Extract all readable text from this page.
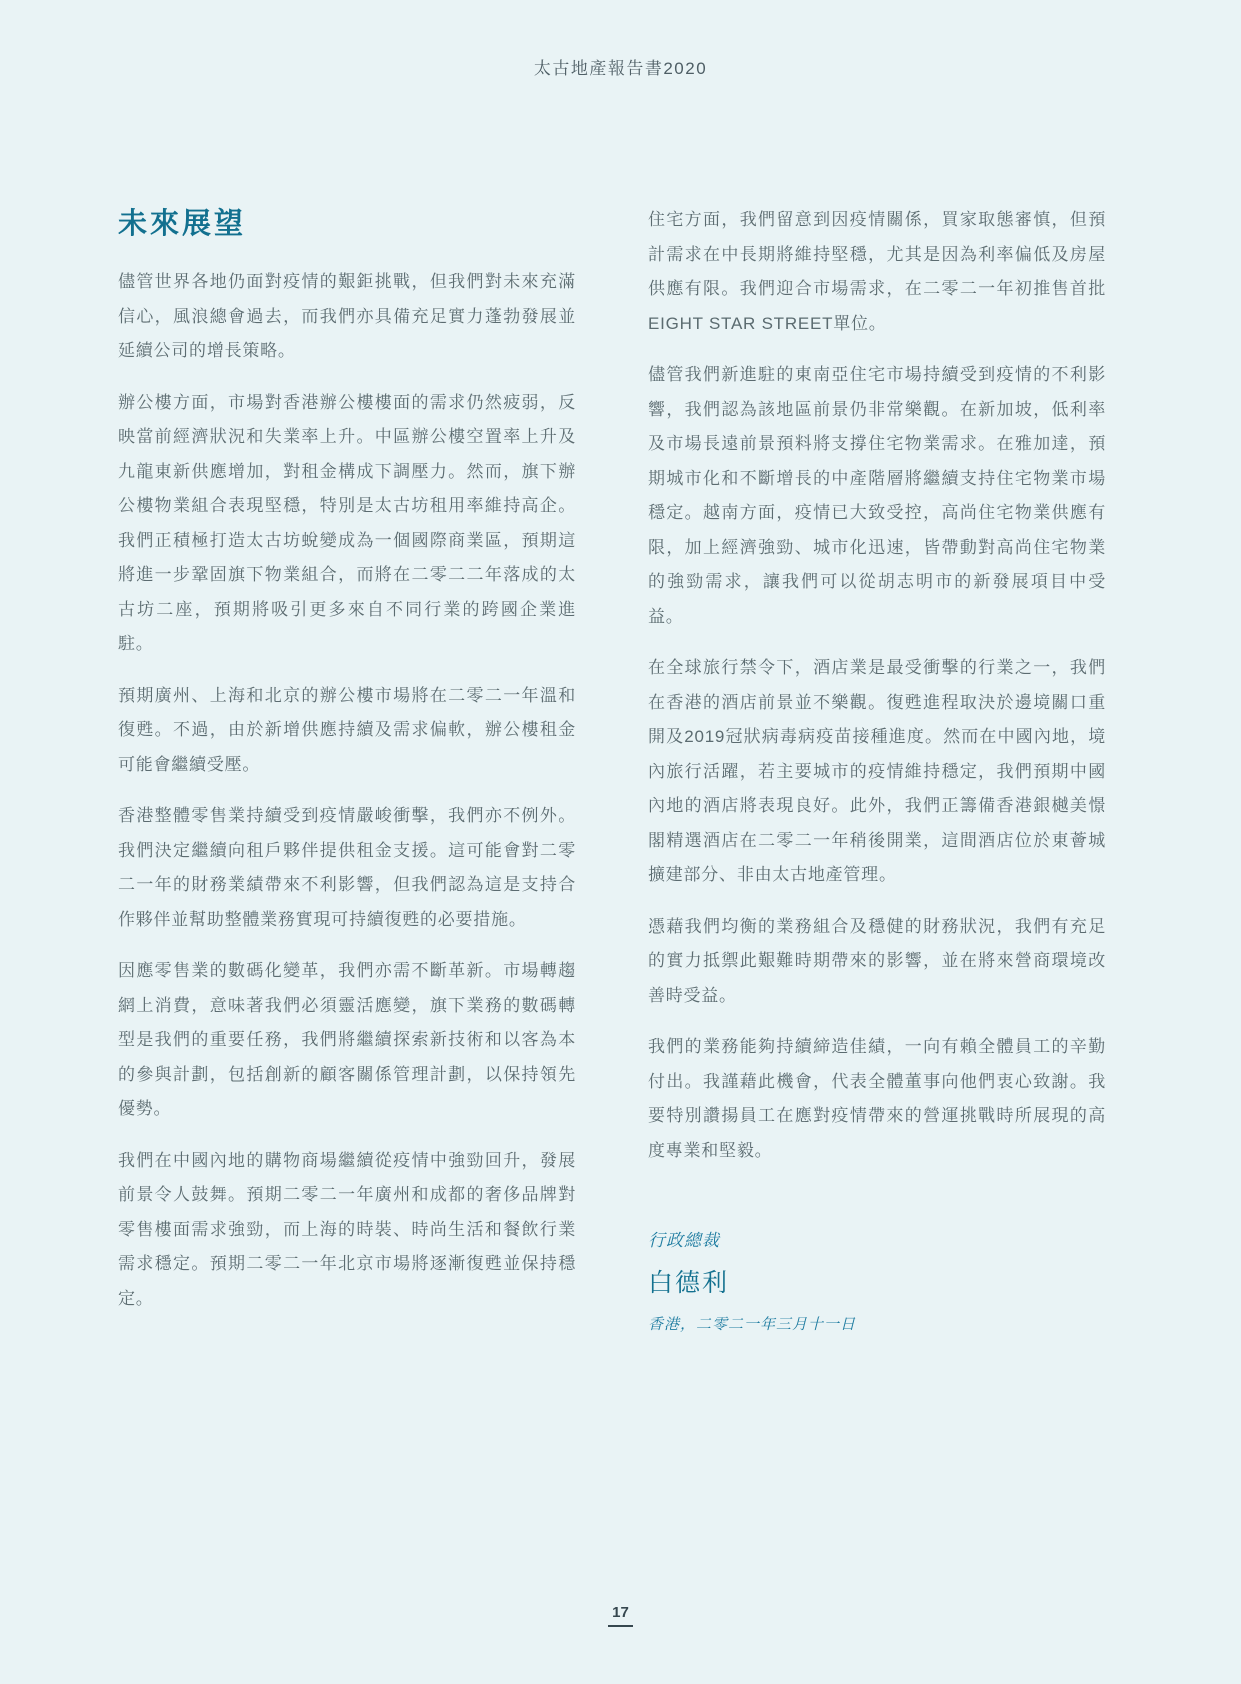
太古地產報告書2020
未來展望

儘管世界各地仍面對疫情的艱鉅挑戰，但我們對未來充滿信心，風浪總會過去，而我們亦具備充足實力蓬勃發展並延續公司的增長策略。

辦公樓方面，市場對香港辦公樓樓面的需求仍然疲弱，反映當前經濟狀況和失業率上升。中區辦公樓空置率上升及九龍東新供應增加，對租金構成下調壓力。然而，旗下辦公樓物業組合表現堅穩，特別是太古坊租用率維持高企。我們正積極打造太古坊蛻變成為一個國際商業區，預期這將進一步鞏固旗下物業組合，而將在二零二二年落成的太古坊二座，預期將吸引更多來自不同行業的跨國企業進駐。

預期廣州、上海和北京的辦公樓市場將在二零二一年溫和復甦。不過，由於新增供應持續及需求偏軟，辦公樓租金可能會繼續受壓。

香港整體零售業持續受到疫情嚴峻衝擊，我們亦不例外。我們決定繼續向租戶夥伴提供租金支援。這可能會對二零二一年的財務業績帶來不利影響，但我們認為這是支持合作夥伴並幫助整體業務實現可持續復甦的必要措施。

因應零售業的數碼化變革，我們亦需不斷革新。市場轉趨網上消費，意味著我們必須靈活應變，旗下業務的數碼轉型是我們的重要任務，我們將繼續探索新技術和以客為本的參與計劃，包括創新的顧客關係管理計劃，以保持領先優勢。

我們在中國內地的購物商場繼續從疫情中強勁回升，發展前景令人鼓舞。預期二零二一年廣州和成都的奢侈品牌對零售樓面需求強勁，而上海的時裝、時尚生活和餐飲行業需求穩定。預期二零二一年北京市場將逐漸復甦並保持穩定。

住宅方面，我們留意到因疫情關係，買家取態審慎，但預計需求在中長期將維持堅穩，尤其是因為利率偏低及房屋供應有限。我們迎合市場需求，在二零二一年初推售首批EIGHT STAR STREET單位。

儘管我們新進駐的東南亞住宅市場持續受到疫情的不利影響，我們認為該地區前景仍非常樂觀。在新加坡，低利率及市場長遠前景預料將支撐住宅物業需求。在雅加達，預期城市化和不斷增長的中產階層將繼續支持住宅物業市場穩定。越南方面，疫情已大致受控，高尚住宅物業供應有限，加上經濟強勁、城市化迅速，皆帶動對高尚住宅物業的強勁需求，讓我們可以從胡志明市的新發展項目中受益。

在全球旅行禁令下，酒店業是最受衝擊的行業之一，我們在香港的酒店前景並不樂觀。復甦進程取決於邊境關口重開及2019冠狀病毒病疫苗接種進度。然而在中國內地，境內旅行活躍，若主要城市的疫情維持穩定，我們預期中國內地的酒店將表現良好。此外，我們正籌備香港銀樾美憬閣精選酒店在二零二一年稍後開業，這間酒店位於東薈城擴建部分、非由太古地產管理。

憑藉我們均衡的業務組合及穩健的財務狀況，我們有充足的實力抵禦此艱難時期帶來的影響，並在將來營商環境改善時受益。

我們的業務能夠持續締造佳績，一向有賴全體員工的辛勤付出。我謹藉此機會，代表全體董事向他們衷心致謝。我要特別讚揚員工在應對疫情帶來的營運挑戰時所展現的高度專業和堅毅。

行政總裁
白德利
香港，二零二一年三月十一日
17
